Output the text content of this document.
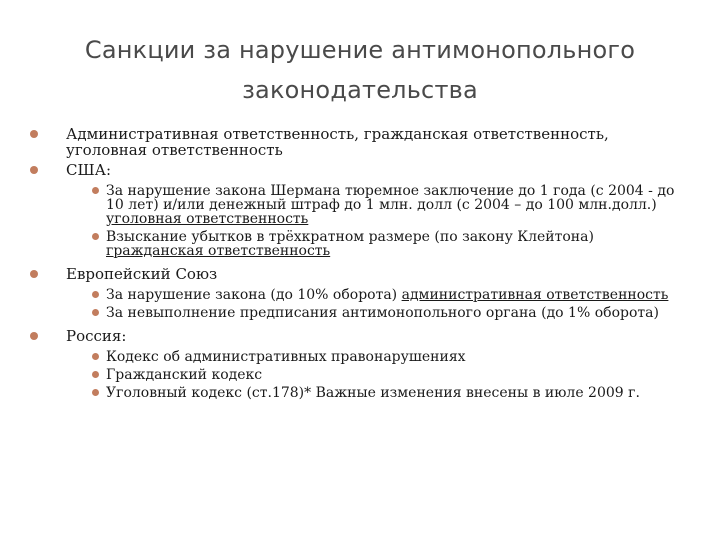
Санкции за нарушение антимонопольного
законодательства
Административная ответственность, гражданская ответственность, уголовная ответственность
США:
За нарушение закона Шермана тюремное заключение до 1 года (с 2004 - до 10 лет) и/или денежный штраф до 1 млн. долл (с 2004 – до 100 млн.долл.) уголовная ответственность
Взыскание убытков в трёхкратном размере (по закону Клейтона) гражданская ответственность
Европейский Союз
За нарушение закона (до 10% оборота) административная ответственность
За невыполнение предписания антимонопольного органа (до 1% оборота)
Россия:
Кодекс об административных правонарушениях
Гражданский кодекс
Уголовный кодекс (ст.178)* Важные изменения внесены в июле 2009 г.
